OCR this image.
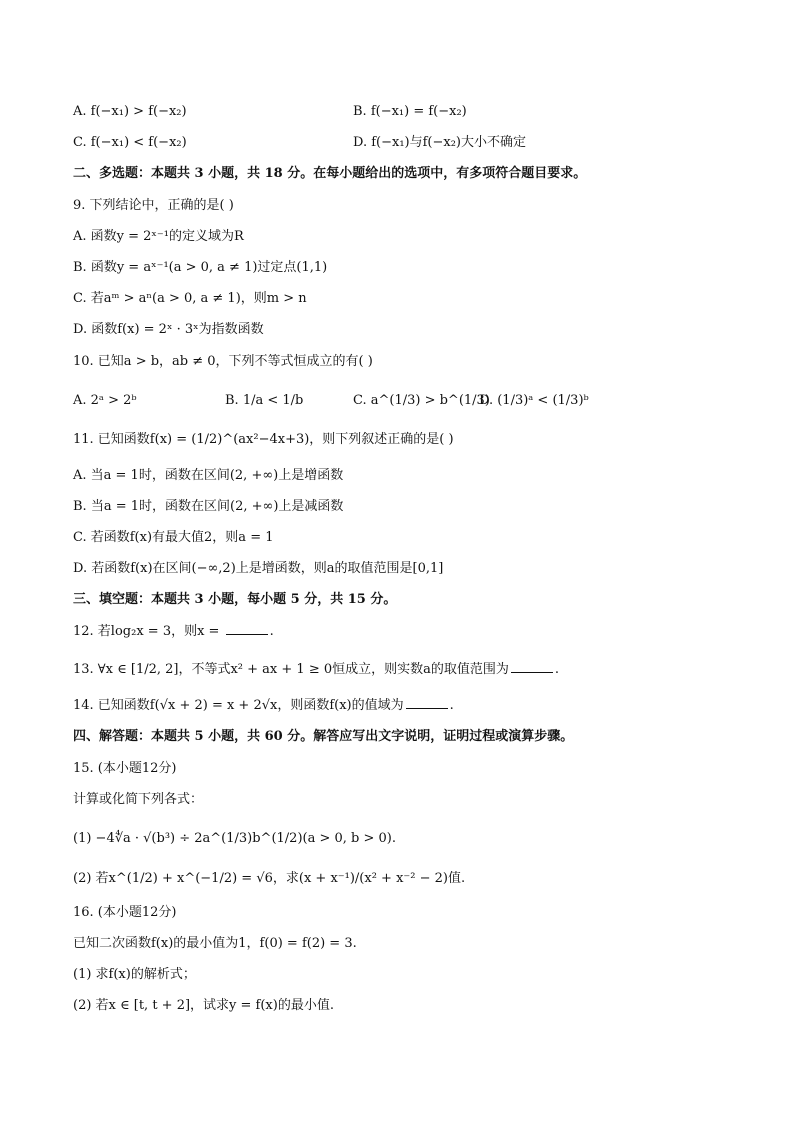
A. f(−x₁) > f(−x₂)	B. f(−x₁) = f(−x₂)
C. f(−x₁) < f(−x₂)	D. f(−x₁)与f(−x₂)大小不确定
二、多选题：本题共 3 小题，共 18 分。在每小题给出的选项中，有多项符合题目要求。
9. 下列结论中，正确的是( )
A. 函数y = 2ˣ⁻¹的定义域为R
B. 函数y = aˣ⁻¹(a > 0, a ≠ 1)过定点(1,1)
C. 若aᵐ > aⁿ(a > 0, a ≠ 1)，则m > n
D. 函数f(x) = 2ˣ · 3ˣ为指数函数
10. 已知a > b，ab ≠ 0，下列不等式恒成立的有( )
A. 2ᵃ > 2ᵇ	B. 1/a < 1/b	C. a^(1/3) > b^(1/3)
D. (1/3)ᵃ < (1/3)ᵇ
11. 已知函数f(x) = (1/2)^(ax²−4x+3)，则下列叙述正确的是( )
A. 当a = 1时，函数在区间(2, +∞)上是增函数
B. 当a = 1时，函数在区间(2, +∞)上是减函数
C. 若函数f(x)有最大值2，则a = 1
D. 若函数f(x)在区间(−∞,2)上是增函数，则a的取值范围是[0,1]
三、填空题：本题共 3 小题，每小题 5 分，共 15 分。
12. 若log₂x = 3，则x =	.
13. ∀x ∈ [1/2, 2]，不等式x² + ax + 1 ≥ 0恒成立，则实数a的取值范围为	.
14. 已知函数f(√x + 2) = x + 2√x，则函数f(x)的值域为	.
四、解答题：本题共 5 小题，共 60 分。解答应写出文字说明，证明过程或演算步骤。
15. (本小题12分)
计算或化简下列各式：
(1) −4∜a · √(b³) ÷ 2a^(1/3)b^(1/2)(a > 0, b > 0).
(2) 若x^(1/2) + x^(−1/2) = √6，求(x + x⁻¹)/(x² + x⁻² − 2)值.
16. (本小题12分)
已知二次函数f(x)的最小值为1，f(0) = f(2) = 3.
(1) 求f(x)的解析式；
(2) 若x ∈ [t, t + 2]，试求y = f(x)的最小值.
